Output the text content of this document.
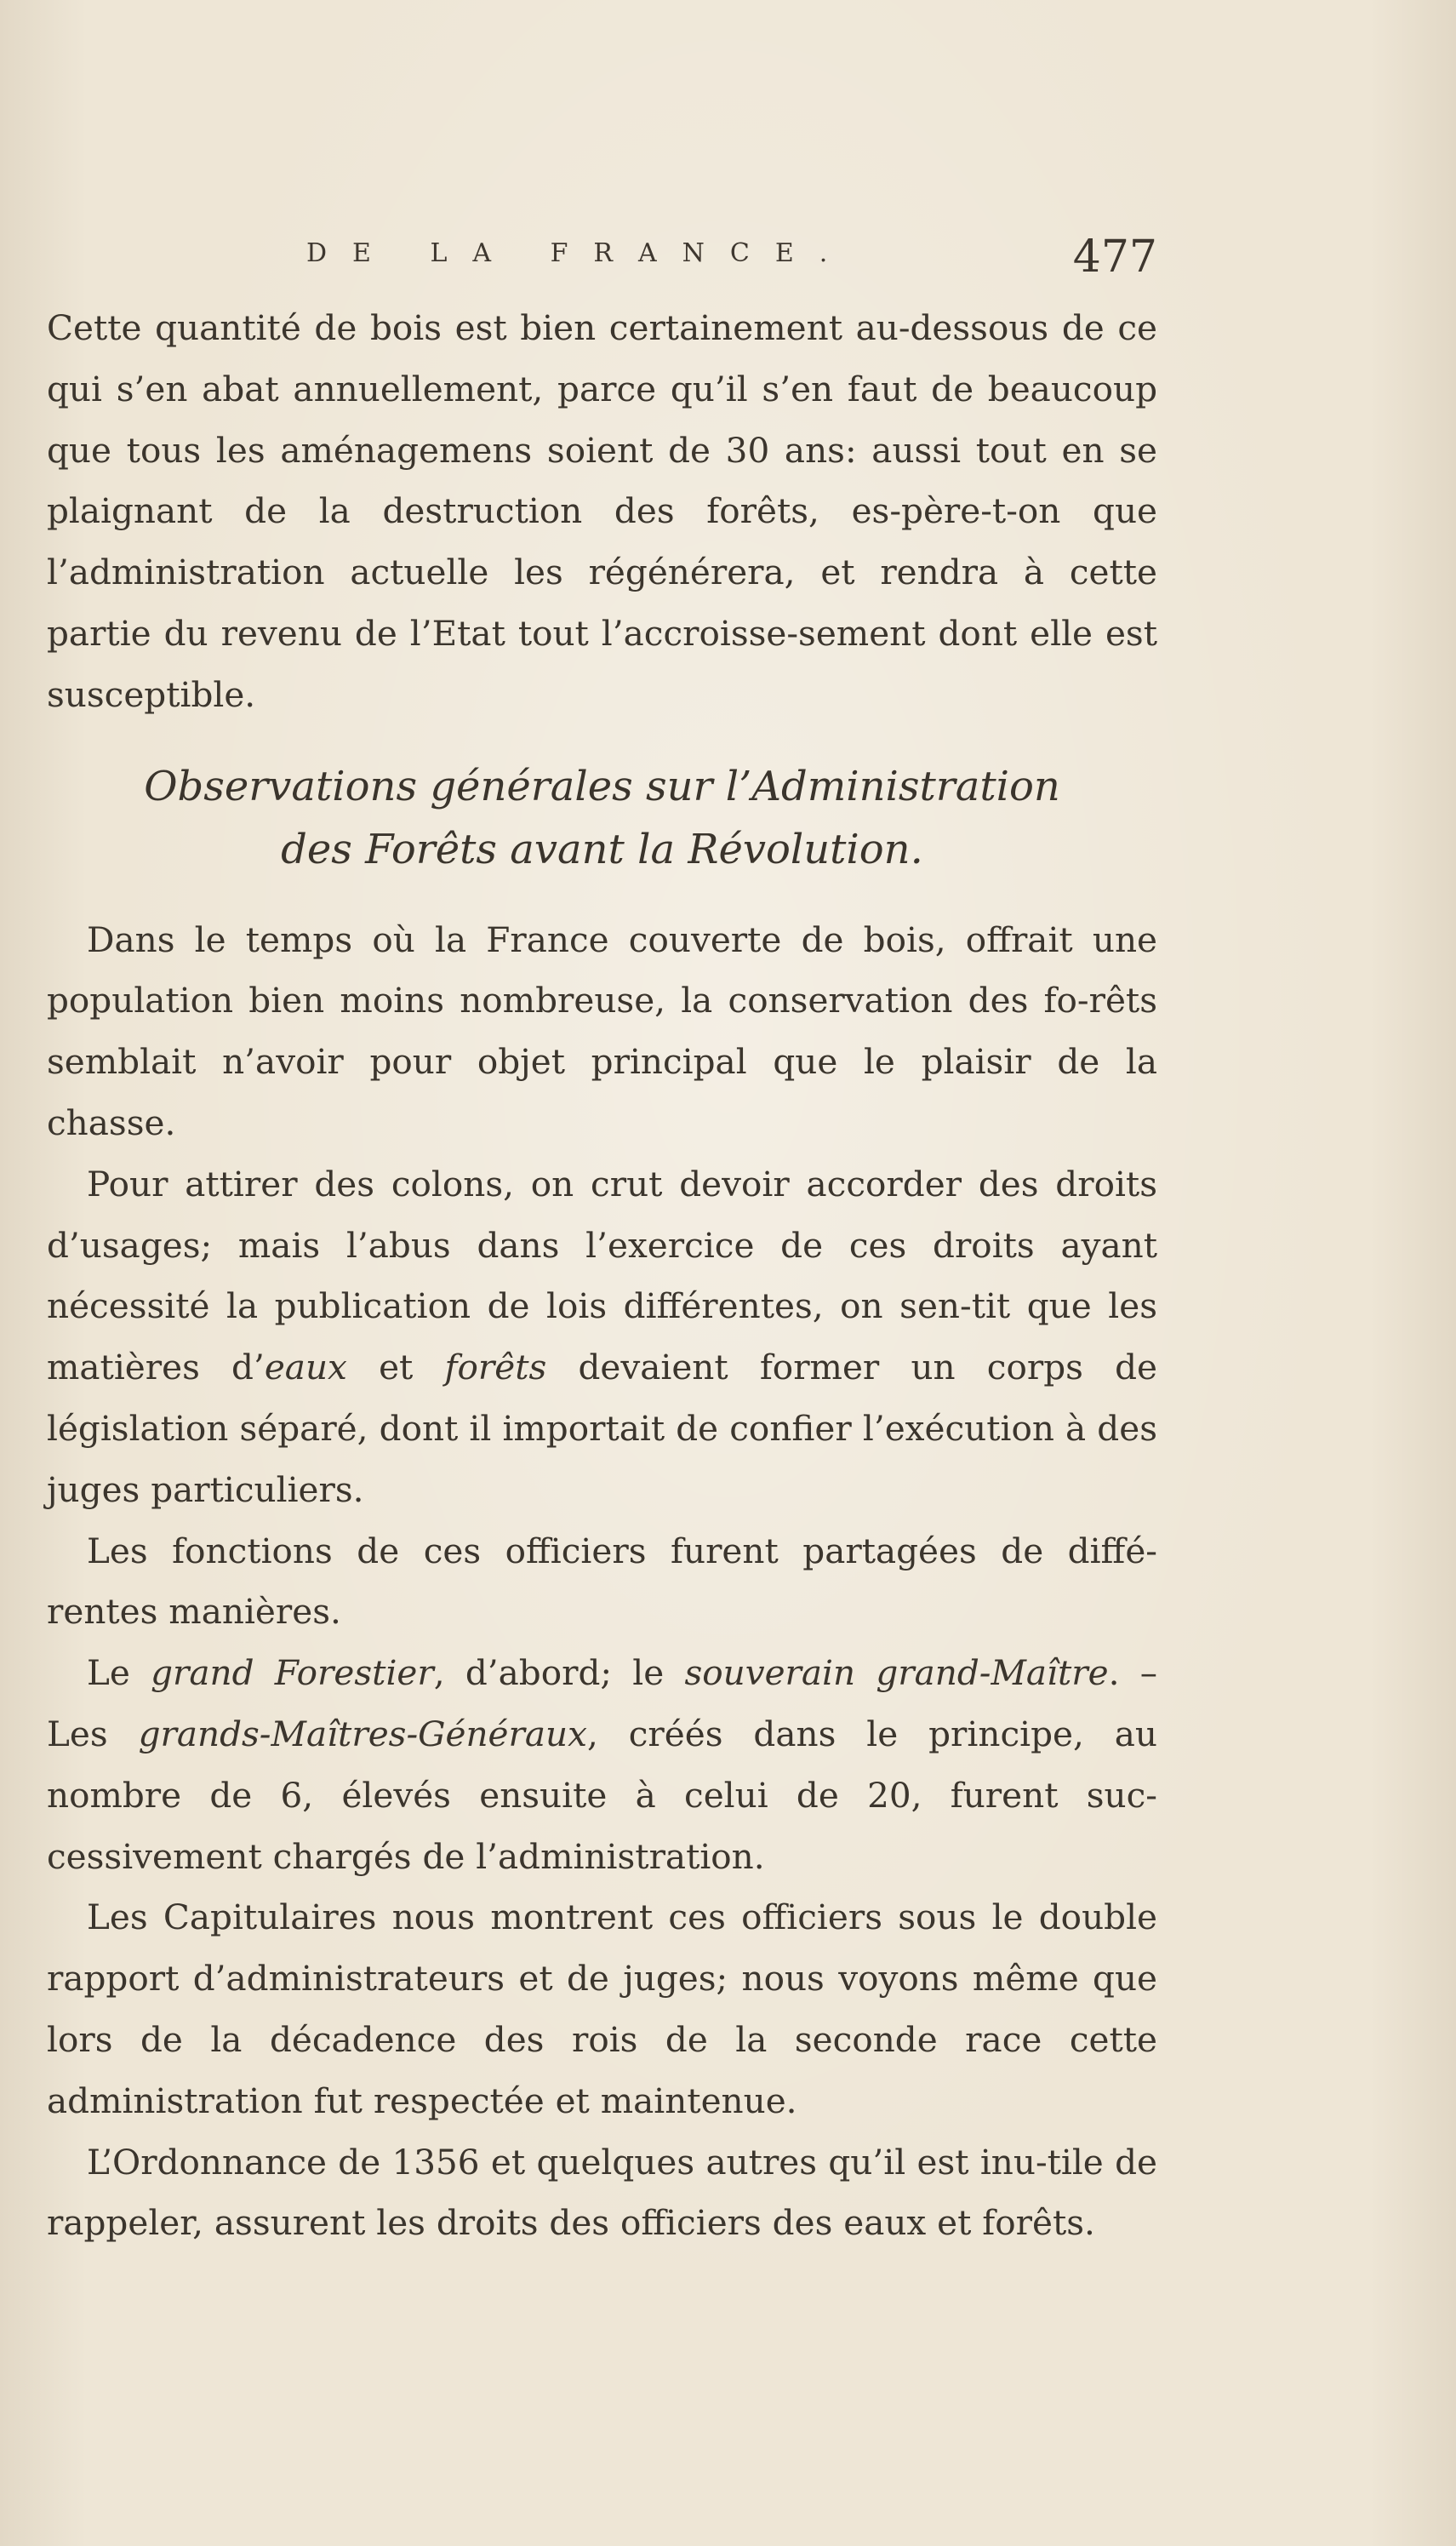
DE LA FRANCE.	477

Cette quantité de bois est bien certainement au-dessous de ce qui s’en abat annuellement, parce qu’il s’en faut de beaucoup que tous les aménagemens soient de 30 ans: aussi tout en se plaignant de la destruction des forêts, es-père-t-on que l’administration actuelle les régénérera, et rendra à cette partie du revenu de l’Etat tout l’accroisse-sement dont elle est susceptible.

Observations générales sur l’Administration
des Forêts avant la Révolution.

Dans le temps où la France couverte de bois, offrait une population bien moins nombreuse, la conservation des fo-rêts semblait n’avoir pour objet principal que le plaisir de la chasse.

Pour attirer des colons, on crut devoir accorder des droits d’usages; mais l’abus dans l’exercice de ces droits ayant nécessité la publication de lois différentes, on sen-tit que les matières d’eaux et forêts devaient former un corps de législation séparé, dont il importait de confier l’exécution à des juges particuliers.

Les fonctions de ces officiers furent partagées de diffé-rentes manières.

Le grand Forestier, d’abord; le souverain grand-Maître. – Les grands-Maîtres-Généraux, créés dans le principe, au nombre de 6, élevés ensuite à celui de 20, furent suc-cessivement chargés de l’administration.

Les Capitulaires nous montrent ces officiers sous le double rapport d’administrateurs et de juges; nous voyons même que lors de la décadence des rois de la seconde race cette administration fut respectée et maintenue.

L’Ordonnance de 1356 et quelques autres qu’il est inu-tile de rappeler, assurent les droits des officiers des eaux et forêts.
